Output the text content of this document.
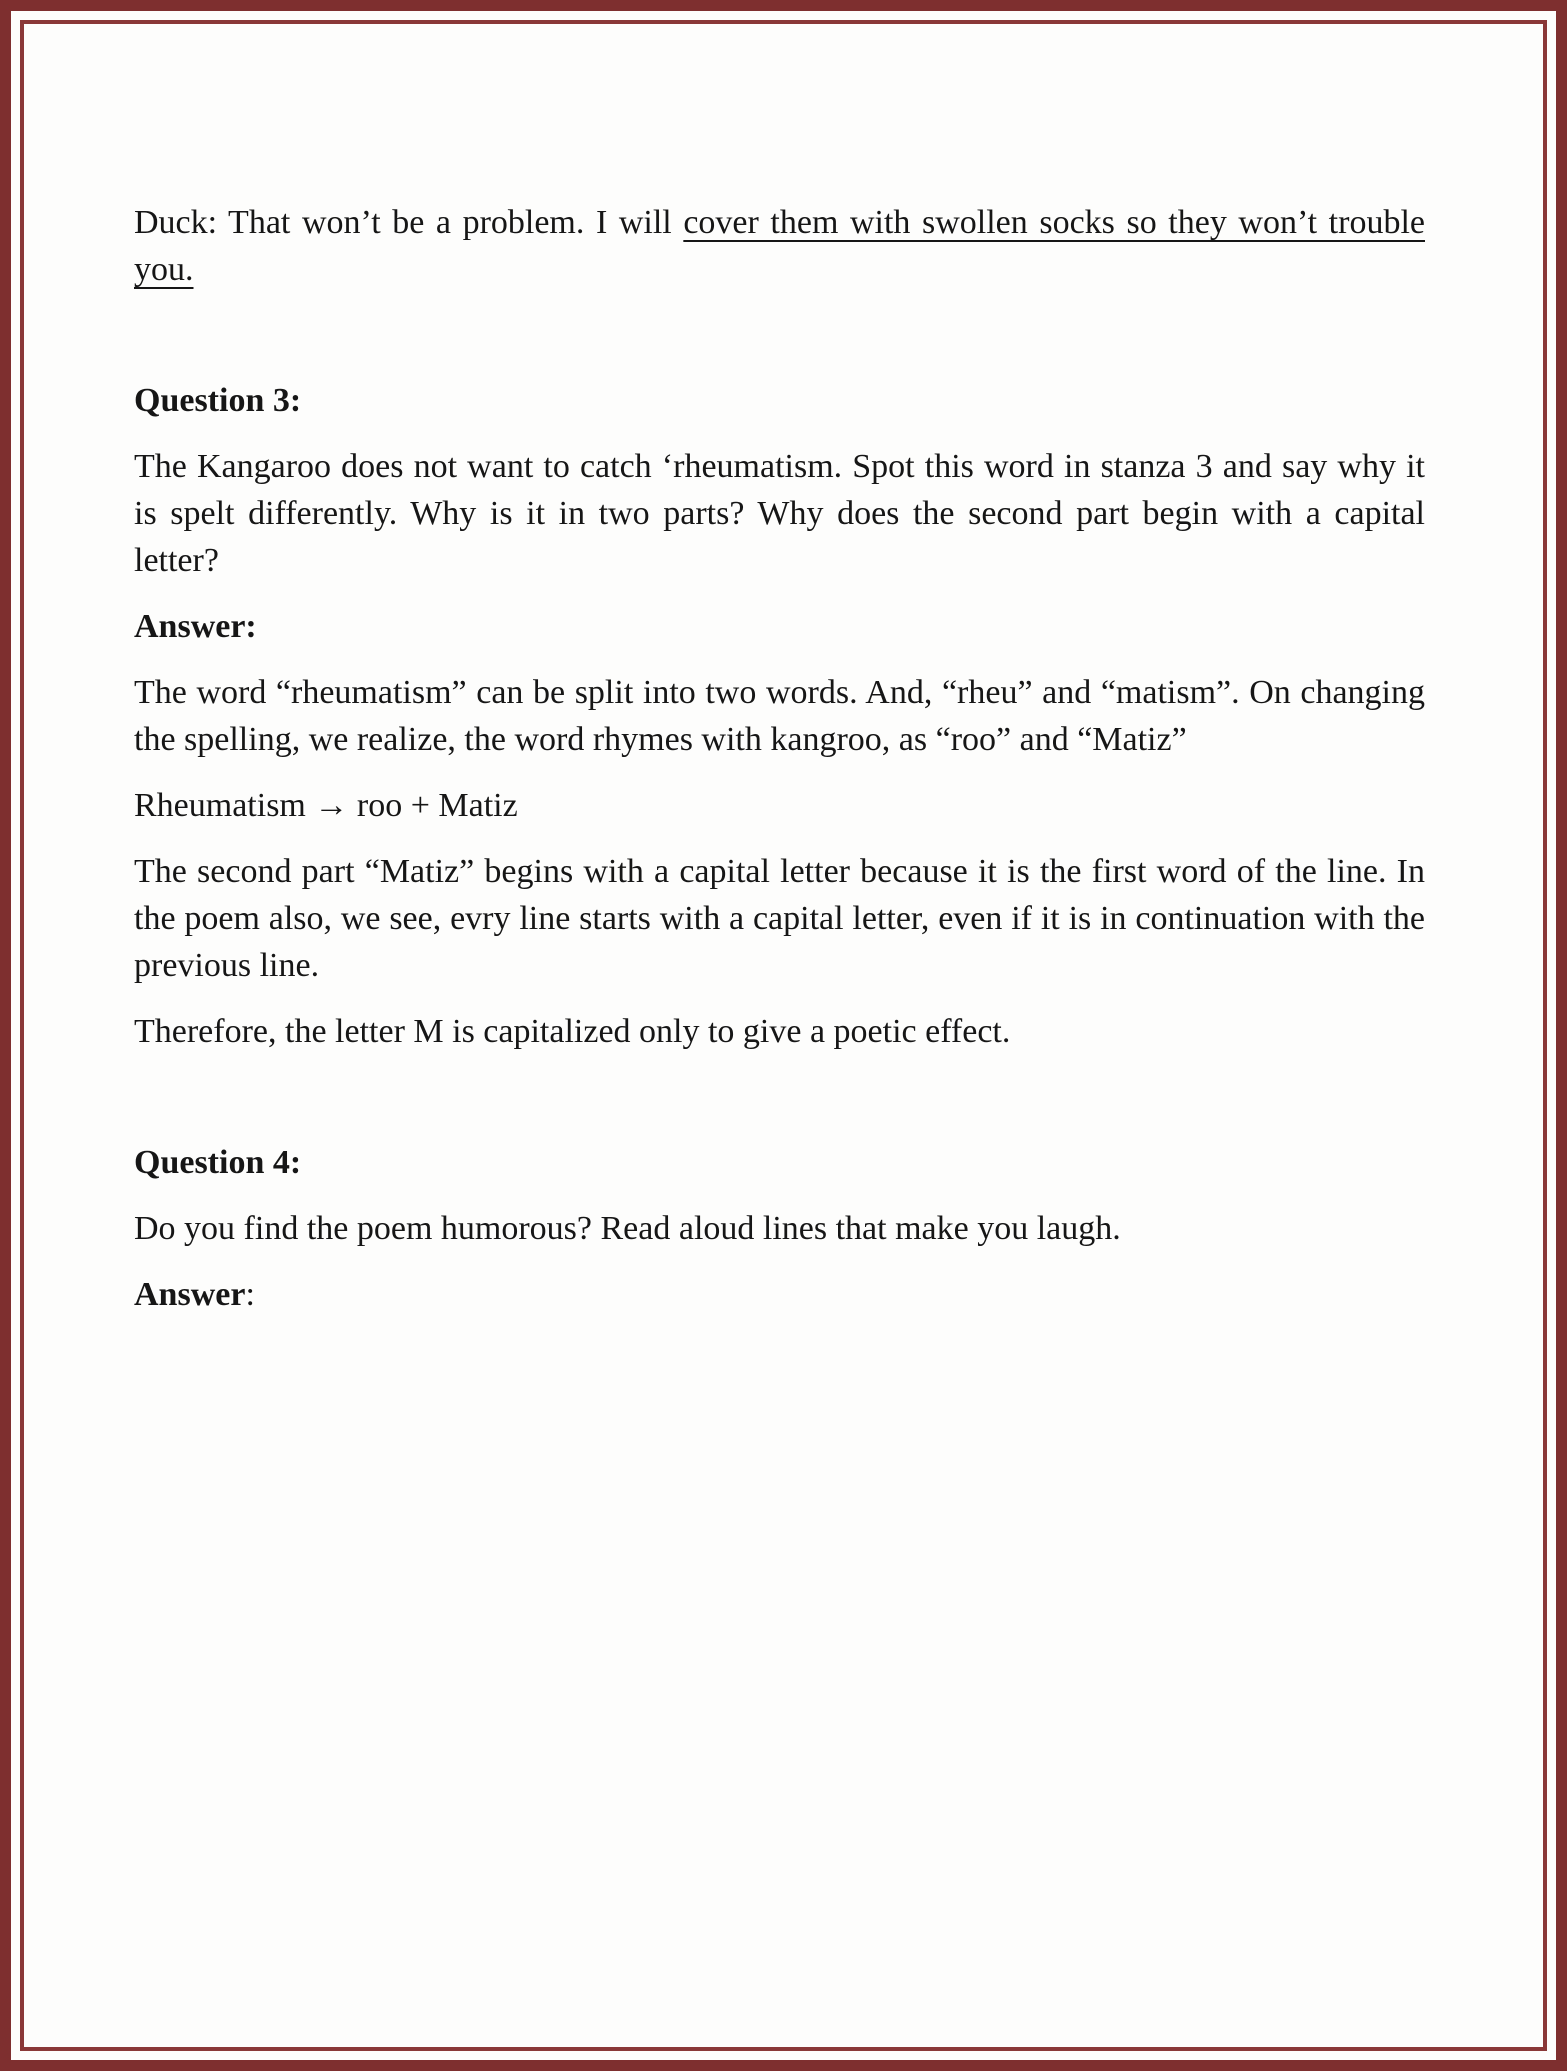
Duck: That won’t be a problem. I will cover them with swollen socks so they won’t trouble you.

Question 3:

The Kangaroo does not want to catch ‘rheumatism. Spot this word in stanza 3 and say why it is spelt differently. Why is it in two parts? Why does the second part begin with a capital letter?

Answer:

The word “rheumatism” can be split into two words. And, “rheu” and “matism”. On changing the spelling, we realize, the word rhymes with kangroo, as “roo” and “Matiz”

Rheumatism → roo + Matiz

The second part “Matiz” begins with a capital letter because it is the first word of the line. In the poem also, we see, evry line starts with a capital letter, even if it is in continuation with the previous line.

Therefore, the letter M is capitalized only to give a poetic effect.

Question 4:

Do you find the poem humorous? Read aloud lines that make you laugh.

Answer:
